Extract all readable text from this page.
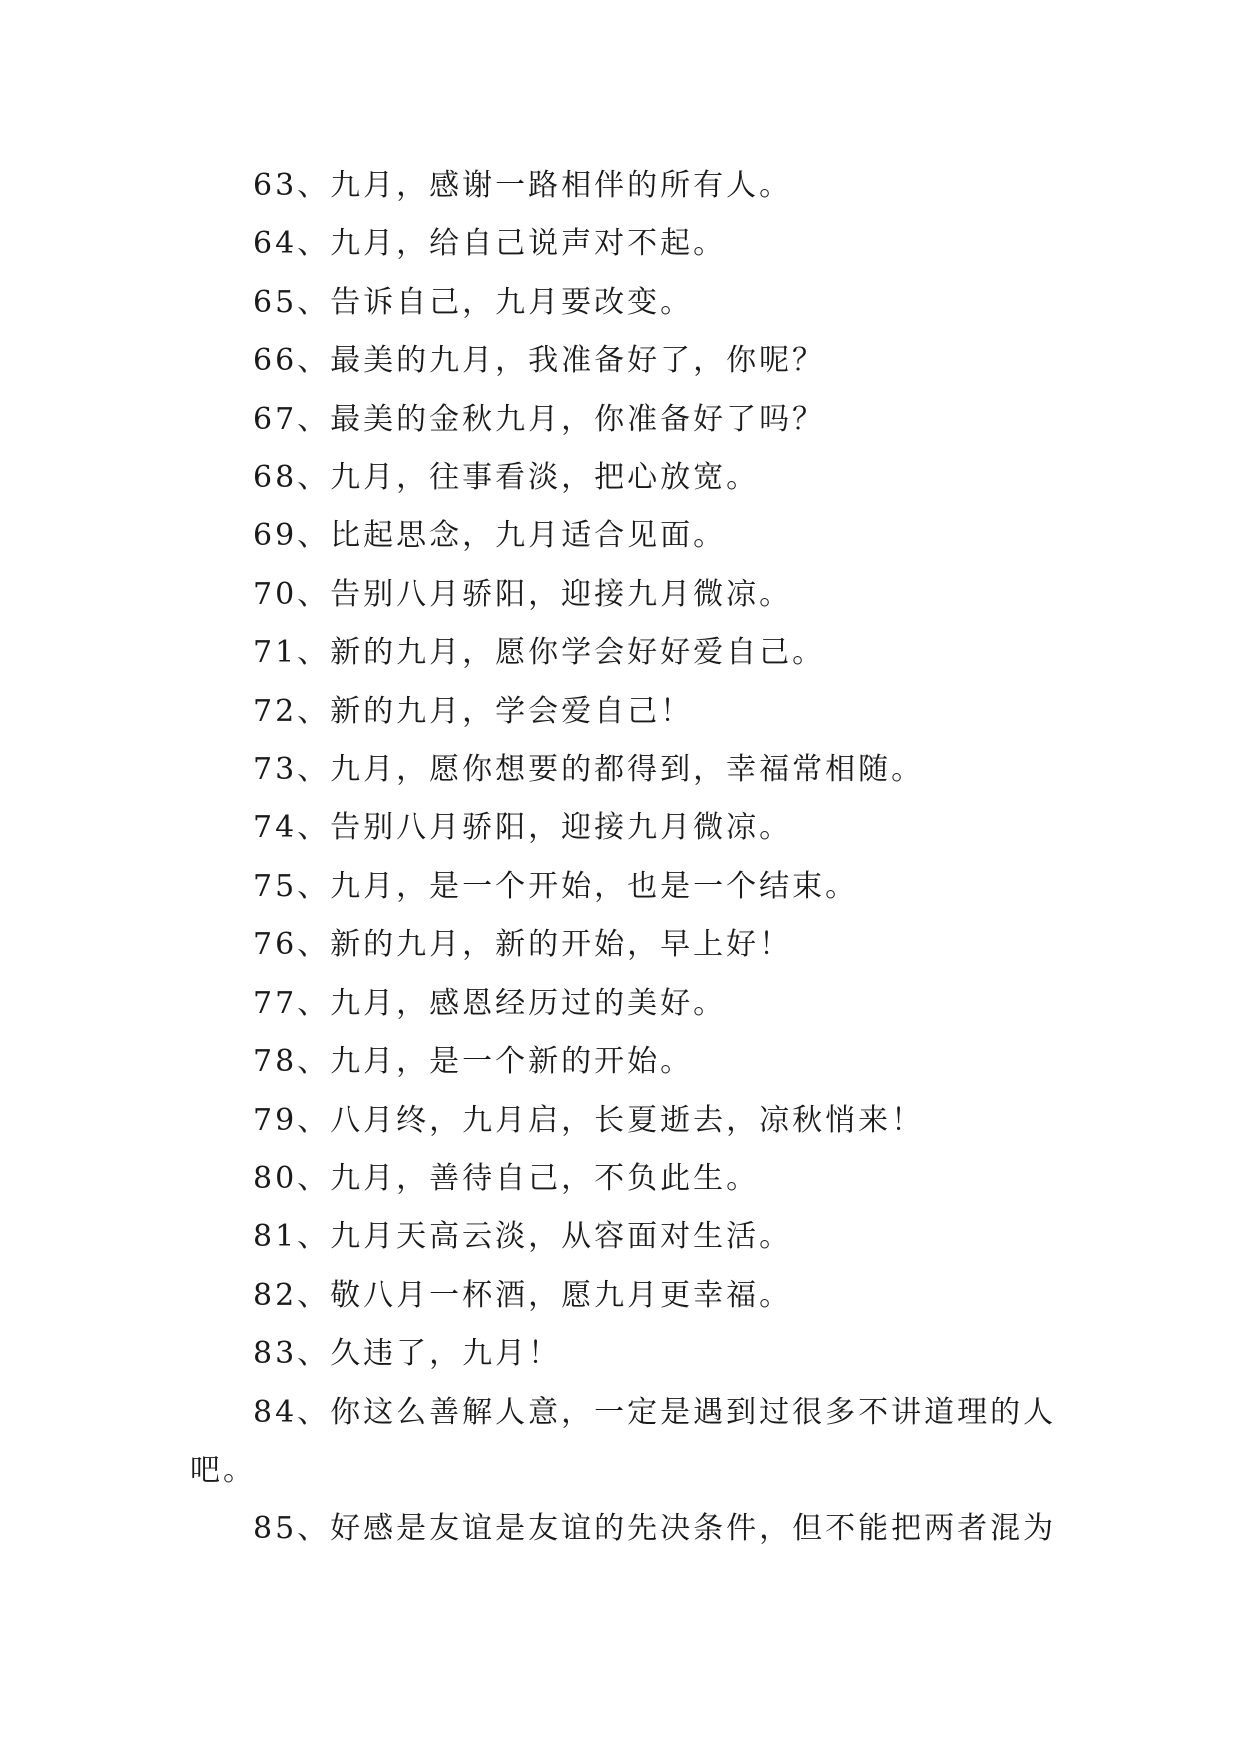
63、九月，感谢一路相伴的所有人。

64、九月，给自己说声对不起。

65、告诉自己，九月要改变。

66、最美的九月，我准备好了，你呢？

67、最美的金秋九月，你准备好了吗？

68、九月，往事看淡，把心放宽。

69、比起思念，九月适合见面。

70、告别八月骄阳，迎接九月微凉。

71、新的九月，愿你学会好好爱自己。

72、新的九月，学会爱自己！

73、九月，愿你想要的都得到，幸福常相随。

74、告别八月骄阳，迎接九月微凉。

75、九月，是一个开始，也是一个结束。

76、新的九月，新的开始，早上好！

77、九月，感恩经历过的美好。

78、九月，是一个新的开始。

79、八月终，九月启，长夏逝去，凉秋悄来！

80、九月，善待自己，不负此生。

81、九月天高云淡，从容面对生活。

82、敬八月一杯酒，愿九月更幸福。

83、久违了，九月！

84、你这么善解人意，一定是遇到过很多不讲道理的人吧。

85、好感是友谊是友谊的先决条件，但不能把两者混为
